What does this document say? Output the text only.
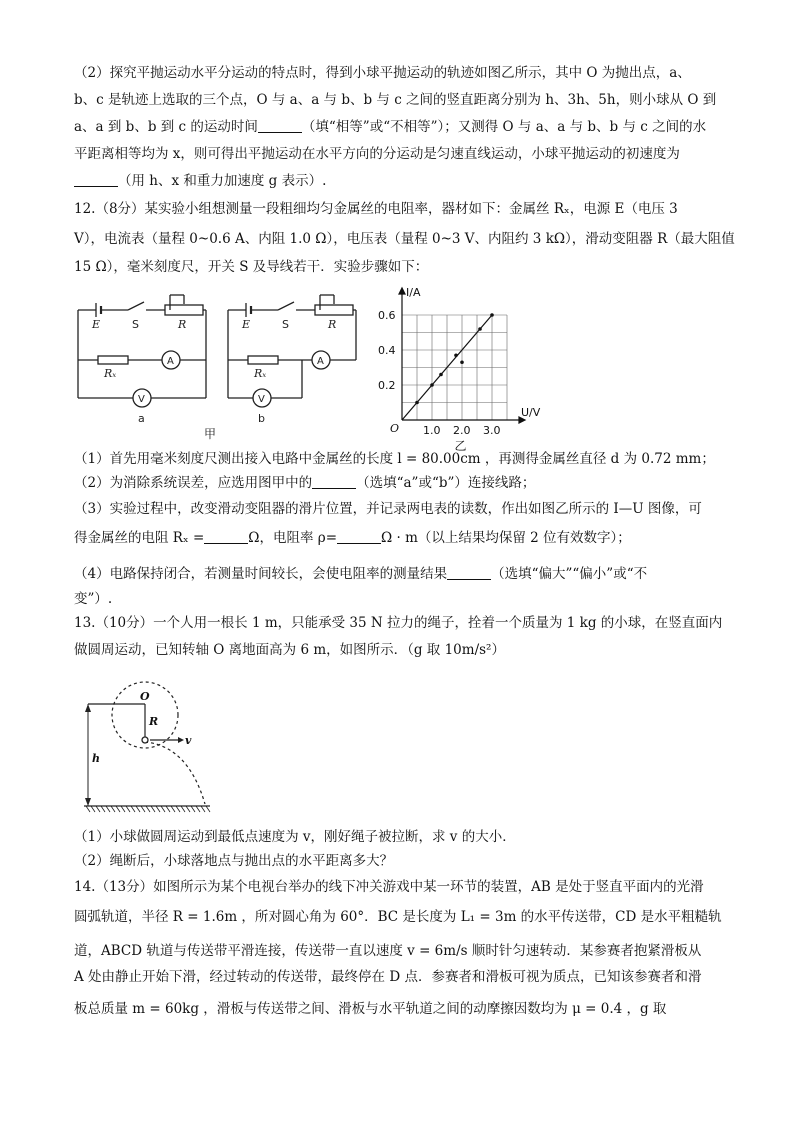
（2）探究平抛运动水平分运动的特点时，得到小球平抛运动的轨迹如图乙所示，其中 O 为抛出点，a、
b、c 是轨迹上选取的三个点，O 与 a、a 与 b、b 与 c 之间的竖直距离分别为 h、3h、5h，则小球从 O 到
a、a 到 b、b 到 c 的运动时间	（填“相等”或“不相等”）；又测得 O 与 a、a 与 b、b 与 c 之间的水
平距离相等均为 x，则可得出平抛运动在水平方向的分运动是匀速直线运动，小球平抛运动的初速度为
（用 h、x 和重力加速度 g 表示）.
12.（8分）某实验小组想测量一段粗细均匀金属丝的电阻率，器材如下：金属丝 Rₓ，电源 E（电压 3
V），电流表（量程 0~0.6 A、内阻 1.0 Ω），电压表（量程 0~3 V、内阻约 3 kΩ），滑动变阻器 R（最大阻值
15 Ω），毫米刻度尺，开关 S 及导线若干．实验步骤如下：
E	S	R
Rₓ
A
V
a
E	S	R
Rₓ
A
V
b
甲	1.0 2.0 3.0
0.2
0.4
0.6
O
U/V
I/A
乙
（1）首先用毫米刻度尺测出接入电路中金属丝的长度 l = 80.00cm ，再测得金属丝直径 d 为 0.72 mm；
（2）为消除系统误差，应选用图甲中的	（选填“a”或“b”）连接线路；
（3）实验过程中，改变滑动变阻器的滑片位置，并记录两电表的读数，作出如图乙所示的 I—U 图像，可
得金属丝的电阻 Rₓ =	Ω，电阻率 ρ=	Ω · m（以上结果均保留 2 位有效数字）；
（4）电路保持闭合，若测量时间较长，会使电阻率的测量结果	（选填“偏大”“偏小”或“不
变”）.
13.（10分）一个人用一根长 1 m，只能承受 35 N 拉力的绳子，拴着一个质量为 1 kg 的小球，在竖直面内
做圆周运动，已知转轴 O 离地面高为 6 m，如图所示．（g 取 10m/s²）
O
R
v
h
（1）小球做圆周运动到最低点速度为 v，刚好绳子被拉断，求 v 的大小．
（2）绳断后，小球落地点与抛出点的水平距离多大？
14.（13分）如图所示为某个电视台举办的线下冲关游戏中某一环节的装置，AB 是处于竖直平面内的光滑
圆弧轨道，半径 R = 1.6m ，所对圆心角为 60°．BC 是长度为 L₁ = 3m 的水平传送带，CD 是水平粗糙轨
道，ABCD 轨道与传送带平滑连接，传送带一直以速度 v = 6m/s 顺时针匀速转动．某参赛者抱紧滑板从
A 处由静止开始下滑，经过转动的传送带，最终停在 D 点．参赛者和滑板可视为质点，已知该参赛者和滑
板总质量 m = 60kg ，滑板与传送带之间、滑板与水平轨道之间的动摩擦因数均为 μ = 0.4 ，g 取
